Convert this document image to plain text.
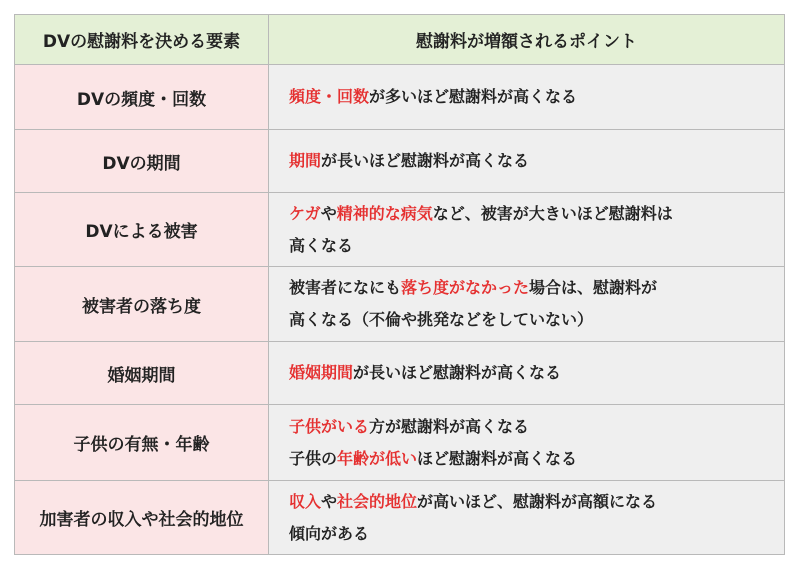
DVの慰謝料を決める要素	慰謝料が増額されるポイント
DVの頻度・回数	頻度・回数が多いほど慰謝料が高くなる

DVの期間	期間が長いほど慰謝料が高くなる

DVによる被害	ケガや精神的な病気など、被害が大きいほど慰謝料は
高くなる

被害者の落ち度	被害者になにも落ち度がなかった場合は、慰謝料が
高くなる（不倫や挑発などをしていない）

婚姻期間	婚姻期間が長いほど慰謝料が高くなる

子供の有無・年齢	子供がいる方が慰謝料が高くなる
子供の年齢が低いほど慰謝料が高くなる

加害者の収入や社会的地位	収入や社会的地位が高いほど、慰謝料が高額になる
傾向がある
